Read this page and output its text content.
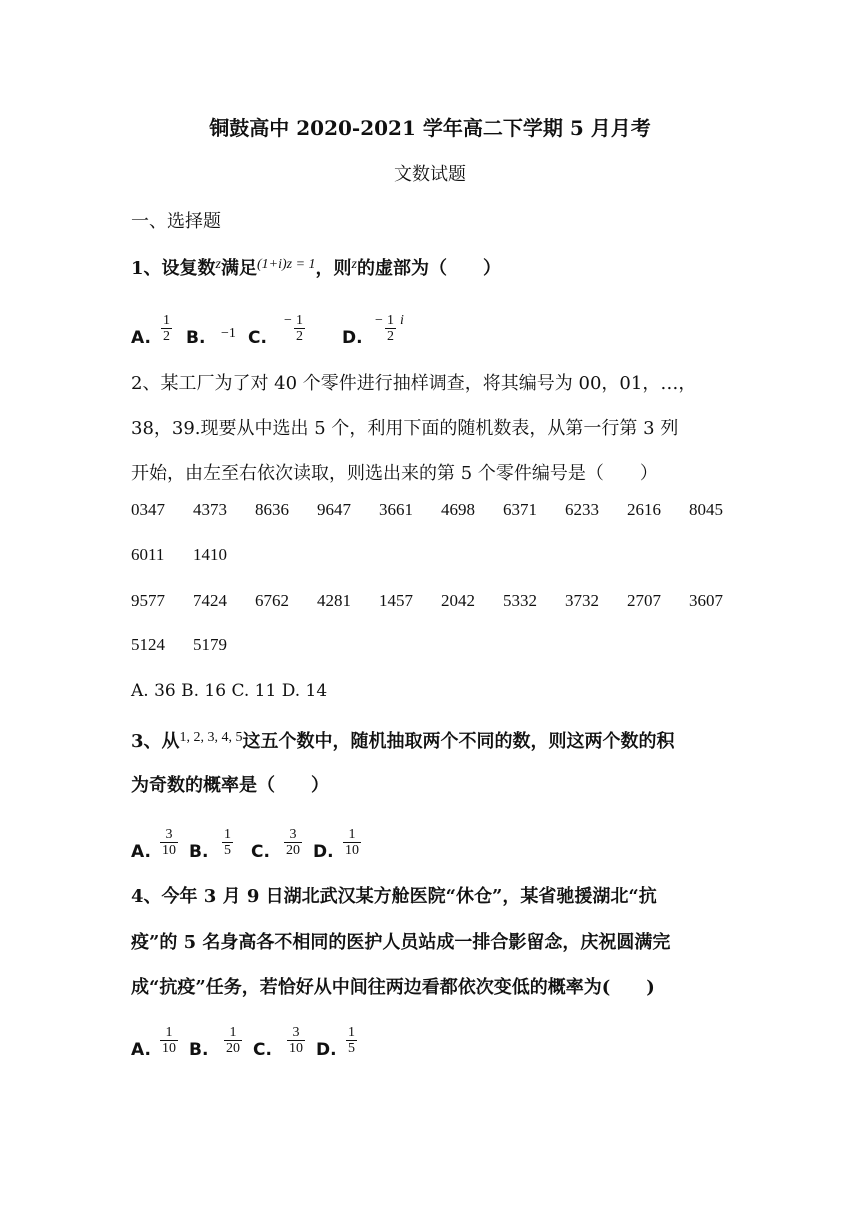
铜鼓高中 2020-2021 学年高二下学期 5 月月考
文数试题
一、选择题
1、设复数$^z$满足$^{(1+i)z = 1}$，则$^z$的虚部为（　　）
A.
1
2 B. −1 C.
− 1
2 D.
− 1
2
i
2、某工厂为了对 40 个零件进行抽样调查，将其编号为 00，01，…，
38，39.现要从中选出 5 个，利用下面的随机数表，从第一行第 3 列
开始，由左至右依次读取，则选出来的第 5 个零件编号是（　　）
0347 4373 8636 9647 3661 4698 6371 6233 2616 8045
6011 1410
9577 7424 6762 4281 1457 2042 5332 3732 2707 3607
5124 5179
A. 36 B. 16 C. 11 D. 14
3、从$^{1, 2, 3, 4, 5}$这五个数中，随机抽取两个不同的数，则这两个数的积
为奇数的概率是（　　）
A.
3
10 B.
1
5 C.
3
20 D.
1
10
4、今年 3 月 9 日湖北武汉某方舱医院“休仓”，某省驰援湖北“抗
疫”的 5 名身高各不相同的医护人员站成一排合影留念，庆祝圆满完
成“抗疫”任务，若恰好从中间往两边看都依次变低的概率为(　　)
A.
1
10 B.
1
20 C.
3
10 D.
1
5
